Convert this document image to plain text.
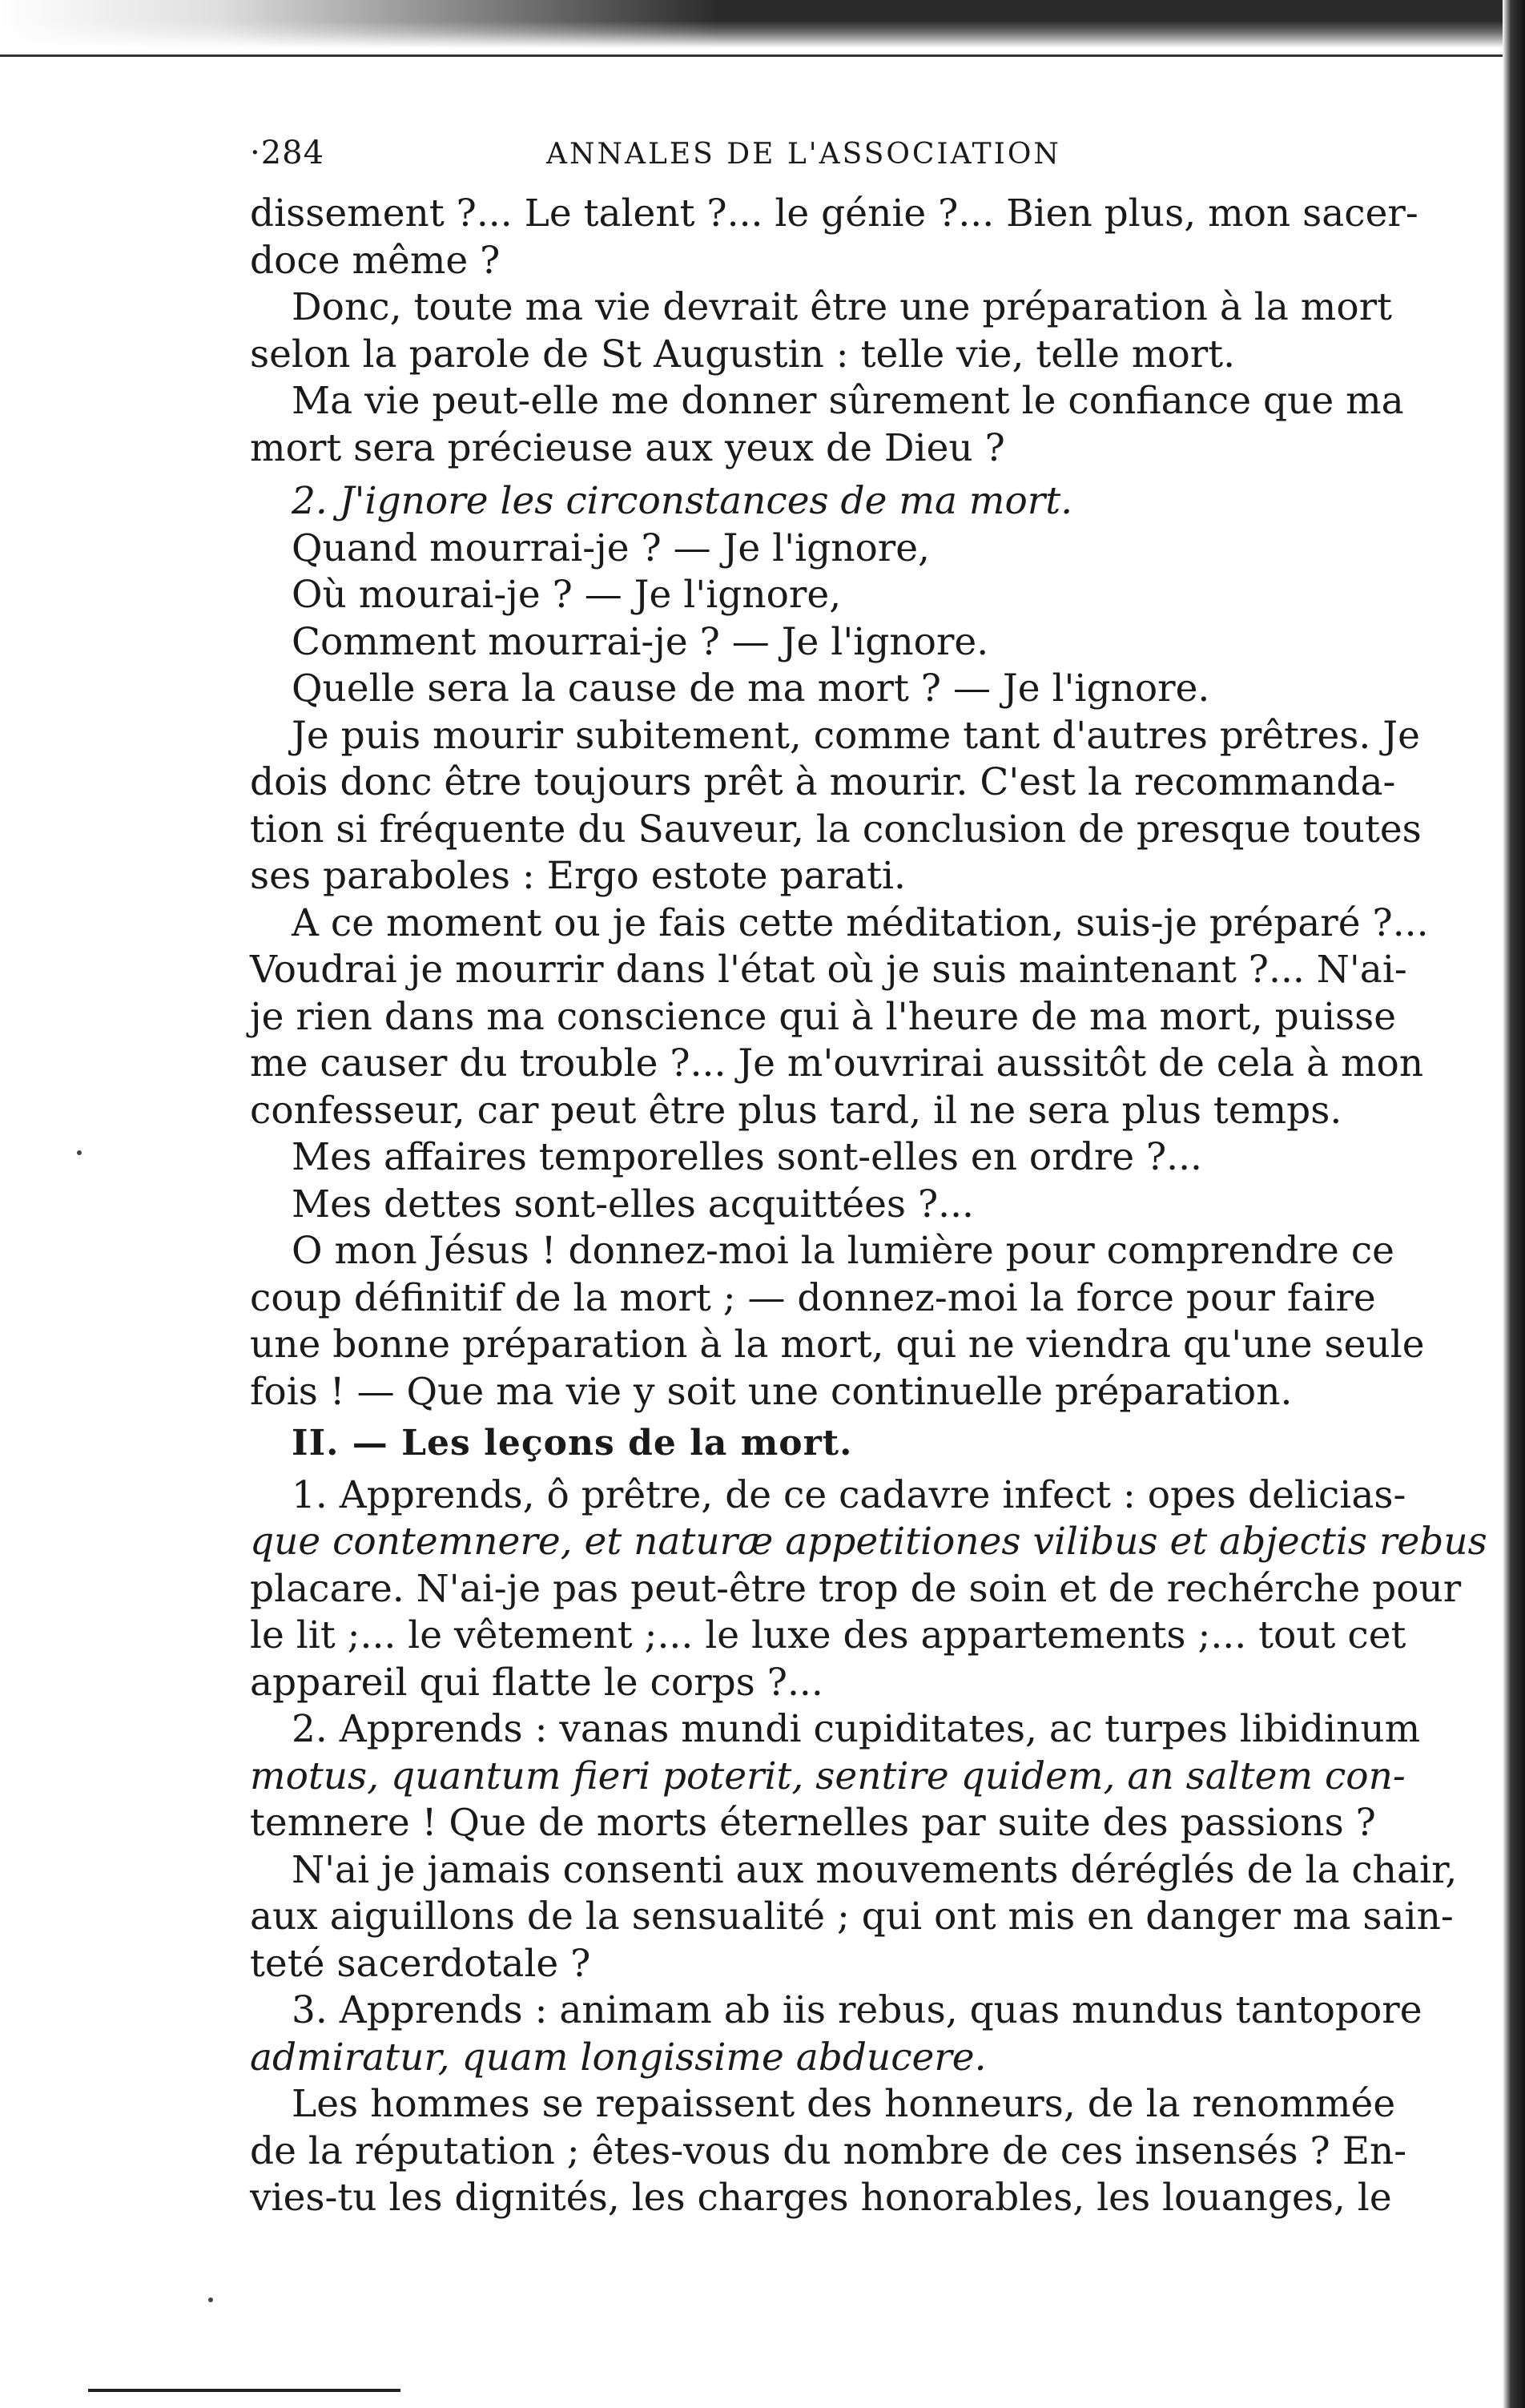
·284	ANNALES DE L'ASSOCIATION
dissement ?... Le talent ?... le génie ?... Bien plus, mon sacer-
doce même ?
Donc, toute ma vie devrait être une préparation à la mort
selon la parole de St Augustin : telle vie, telle mort.
Ma vie peut-elle me donner sûrement le confiance que ma
mort sera précieuse aux yeux de Dieu ?
2. J'ignore les circonstances de ma mort.
Quand mourrai-je ? — Je l'ignore,
Où mourai-je ? — Je l'ignore,
Comment mourrai-je ? — Je l'ignore.
Quelle sera la cause de ma mort ? — Je l'ignore.
Je puis mourir subitement, comme tant d'autres prêtres. Je
dois donc être toujours prêt à mourir. C'est la recommanda-
tion si fréquente du Sauveur, la conclusion de presque toutes
ses paraboles : Ergo estote parati.
A ce moment ou je fais cette méditation, suis-je préparé ?...
Voudrai je mourrir dans l'état où je suis maintenant ?... N'ai-
je rien dans ma conscience qui à l'heure de ma mort, puisse
me causer du trouble ?... Je m'ouvrirai aussitôt de cela à mon
confesseur, car peut être plus tard, il ne sera plus temps.
Mes affaires temporelles sont-elles en ordre ?...
Mes dettes sont-elles acquittées ?...
O mon Jésus ! donnez-moi la lumière pour comprendre ce
coup définitif de la mort ; — donnez-moi la force pour faire
une bonne préparation à la mort, qui ne viendra qu'une seule
fois ! — Que ma vie y soit une continuelle préparation.
II. — Les leçons de la mort.
1. Apprends, ô prêtre, de ce cadavre infect : opes delicias-
que contemnere, et naturæ appetitiones vilibus et abjectis rebus
placare. N'ai-je pas peut-être trop de soin et de rechérche pour
le lit ;... le vêtement ;... le luxe des appartements ;... tout cet
appareil qui flatte le corps ?...
2. Apprends : vanas mundi cupiditates, ac turpes libidinum
motus, quantum fieri poterit, sentire quidem, an saltem con-
temnere ! Que de morts éternelles par suite des passions ?
N'ai je jamais consenti aux mouvements déréglés de la chair,
aux aiguillons de la sensualité ; qui ont mis en danger ma sain-
teté sacerdotale ?
3. Apprends : animam ab iis rebus, quas mundus tantopore
admiratur, quam longissime abducere.
Les hommes se repaissent des honneurs, de la renommée
de la réputation ; êtes-vous du nombre de ces insensés ? En-
vies-tu les dignités, les charges honorables, les louanges, le
